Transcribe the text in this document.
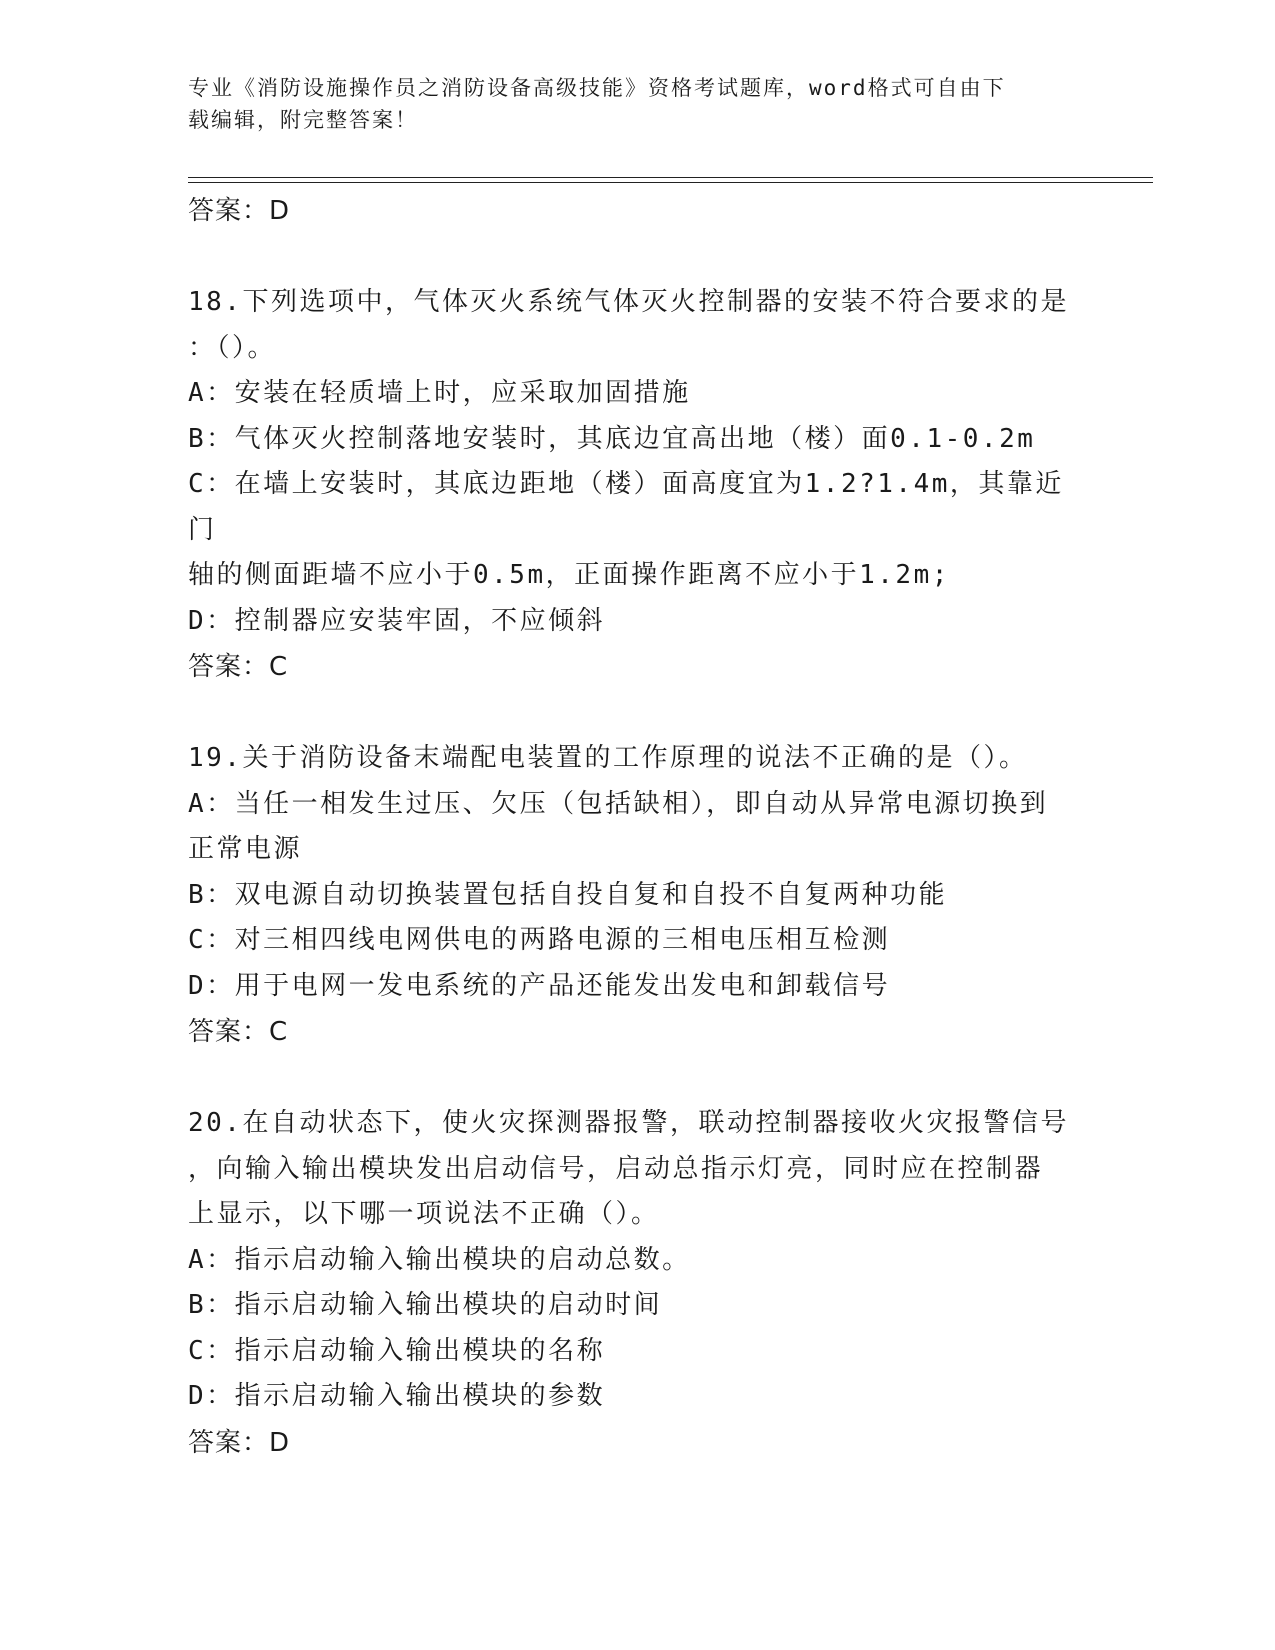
专业《消防设施操作员之消防设备高级技能》资格考试题库，word格式可自由下
载编辑，附完整答案！

答案：D

18.下列选项中，气体灭火系统气体灭火控制器的安装不符合要求的是

：（）。

A：安装在轻质墙上时，应采取加固措施

B：气体灭火控制落地安装时，其底边宜高出地（楼）面0.1-0.2m

C：在墙上安装时，其底边距地（楼）面高度宜为1.2?1.4m，其靠近门

轴的侧面距墙不应小于0.5m，正面操作距离不应小于1.2m;

D：控制器应安装牢固，不应倾斜

答案：C

19.关于消防设备末端配电装置的工作原理的说法不正确的是（）。

A：当任一相发生过压、欠压（包括缺相），即自动从异常电源切换到

正常电源

B：双电源自动切换装置包括自投自复和自投不自复两种功能

C：对三相四线电网供电的两路电源的三相电压相互检测

D：用于电网一发电系统的产品还能发出发电和卸载信号

答案：C

20.在自动状态下，使火灾探测器报警，联动控制器接收火灾报警信号

，向输入输出模块发出启动信号，启动总指示灯亮，同时应在控制器

上显示，以下哪一项说法不正确（）。

A：指示启动输入输出模块的启动总数。

B：指示启动输入输出模块的启动时间

C：指示启动输入输出模块的名称

D：指示启动输入输出模块的参数

答案：D
